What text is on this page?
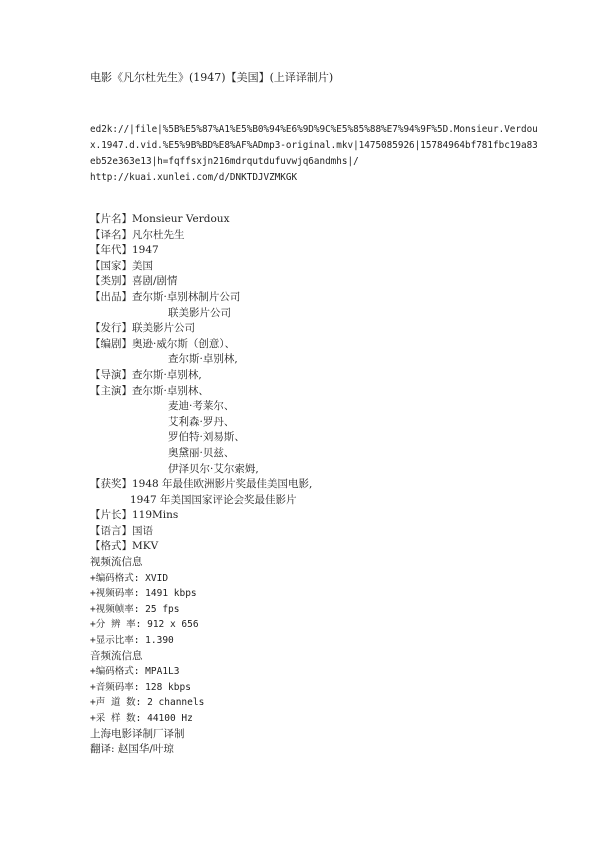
电影《凡尔杜先生》(1947)【美国】(上译译制片)
ed2k://|file|%5B%E5%87%A1%E5%B0%94%E6%9D%9C%E5%85%88%E7%94%9F%5D.Monsieur.Verdou
x.1947.d.vid.%E5%9B%BD%E8%AF%ADmp3-original.mkv|1475085926|15784964bf781fbc19a83
eb52e363e13|h=fqffsxjn216mdrqutdufuvwjq6andmhs|/
http://kuai.xunlei.com/d/DNKTDJVZMKGK
【片名】Monsieur Verdoux
【译名】凡尔杜先生
【年代】1947
【国家】美国
【类别】喜剧/剧情
【出品】查尔斯·卓别林制片公司
联美影片公司
【发行】联美影片公司
【编剧】奥逊·威尔斯（创意）、
查尔斯·卓别林,
【导演】查尔斯·卓别林,
【主演】查尔斯·卓别林、
麦迪·考莱尔、
艾利森·罗丹、
罗伯特·刘易斯、
奥黛丽·贝兹、
伊泽贝尔·艾尔索姆,
【获奖】1948 年最佳欧洲影片奖最佳美国电影,
1947 年美国国家评论会奖最佳影片
【片长】119Mins
【语言】国语
【格式】MKV
视频流信息
+编码格式: XVID
+视频码率: 1491 kbps
+视频帧率: 25 fps
+分 辨 率: 912 x 656
+显示比率: 1.390
音频流信息
+编码格式: MPA1L3
+音频码率: 128 kbps
+声 道 数: 2 channels
+采 样 数: 44100 Hz
上海电影译制厂译制
翻译: 赵国华/叶琼
